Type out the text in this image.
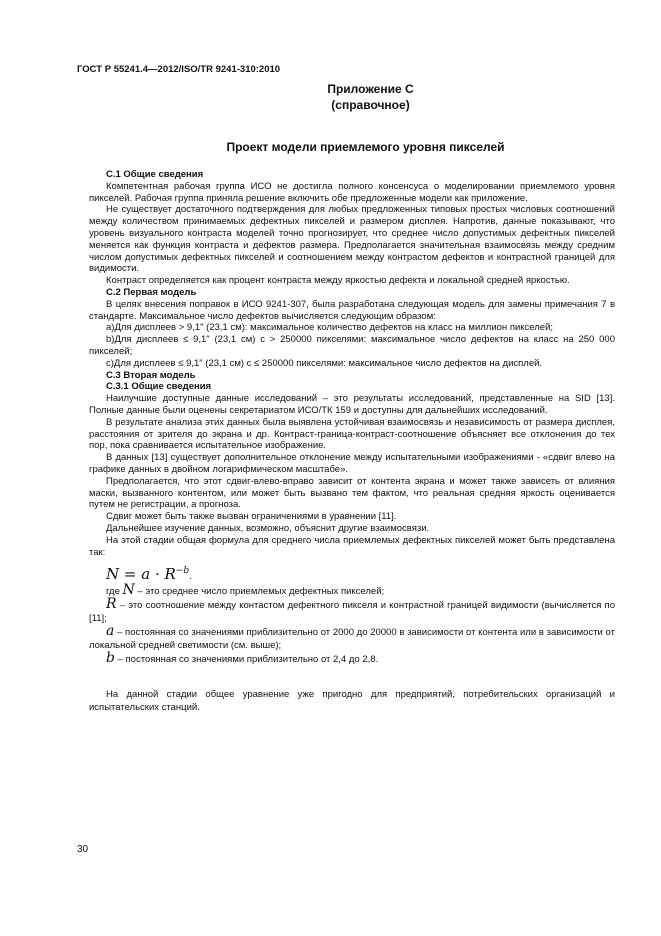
ГОСТ Р 55241.4—2012/ISO/TR 9241-310:2010
Приложение С
(справочное)
Проект модели приемлемого уровня пикселей

С.1 Общие сведения

Компетентная рабочая группа ИСО не достигла полного консенсуса о моделировании приемлемого уровня пикселей. Рабочая группа приняла решение включить обе предложенные модели как приложение.

Не существует достаточного подтверждения для любых предложенных типовых простых числовых соотношений между количеством принимаемых дефектных пикселей и размером дисплея. Напротив, данные показывают, что уровень визуального контраста моделей точно прогнозирует, что среднее число допустимых дефектных пикселей меняется как функция контраста и дефектов размера. Предполагается значительная взаимосвязь между средним числом допустимых дефектных пикселей и соотношением между контрастом дефектов и контрастной границей для видимости.

Контраст определяется как процент контраста между яркостью дефекта и локальной средней яркостью.

С.2 Первая модель

В целях внесения поправок в ИСО 9241-307, была разработана следующая модель для замены примечания 7 в стандарте. Максимальное число дефектов вычисляется следующим образом:

а)Для дисплеев > 9,1" (23,1 см): максимальное количество дефектов на класс на миллион пикселей;

b)Для дисплеев ≤ 9,1" (23,1 см) с > 250000 пикселями: максимальное число дефектов на класс на 250 000 пикселей;

с)Для дисплеев ≤ 9,1" (23,1 см) с ≤ 250000 пикселями: максимальное число дефектов на дисплей.

С.3 Вторая модель

С.3.1 Общие сведения

Наилучшие доступные данные исследований – это результаты исследований, представленные на SID [13]. Полные данные были оценены секретариатом ИСО/ТК 159 и доступны для дальнейших исследований.

В результате анализа этих данных была выявлена устойчивая взаимосвязь и независимость от размера дисплея, расстояния от зрителя до экрана и др. Контраст-граница-контраст-соотношение объясняет все отклонения до тех пор, пока сравнивается испытательное изображение.

В данных [13] существует дополнительное отклонение между испытательными изображениями - «сдвиг влево на графике данных в двойном логарифмическом масштабе».

Предполагается, что этот сдвиг-влево-вправо зависит от контента экрана и может также зависеть от влияния маски, вызванного контентом, или может быть вызвано тем фактом, что реальная средняя яркость оценивается путем не регистрации, а прогноза.

Сдвиг может быть также вызван ограничениями в уравнении [11].

Дальнейшее изучение данных, возможно, объяснит другие взаимосвязи.

На этой стадии общая формула для среднего числа приемлемых дефектных пикселей может быть представлена так:

$N = a \cdot R^{-b}$.

где N – это среднее число приемлемых дефектных пикселей;

R – это соотношение между контастом дефектного пикселя и контрастной границей видимости (вычисляется по [11];

a – постоянная со значениями приблизительно от 2000 до 20000 в зависимости от контента или в зависимости от локальной средней светимости (см. выше);

b – постоянная со значениями приблизительно от 2,4 до 2,8.

На данной стадии общее уравнение уже пригодно для предприятий, потребительских организаций и испытательских станций.

30
